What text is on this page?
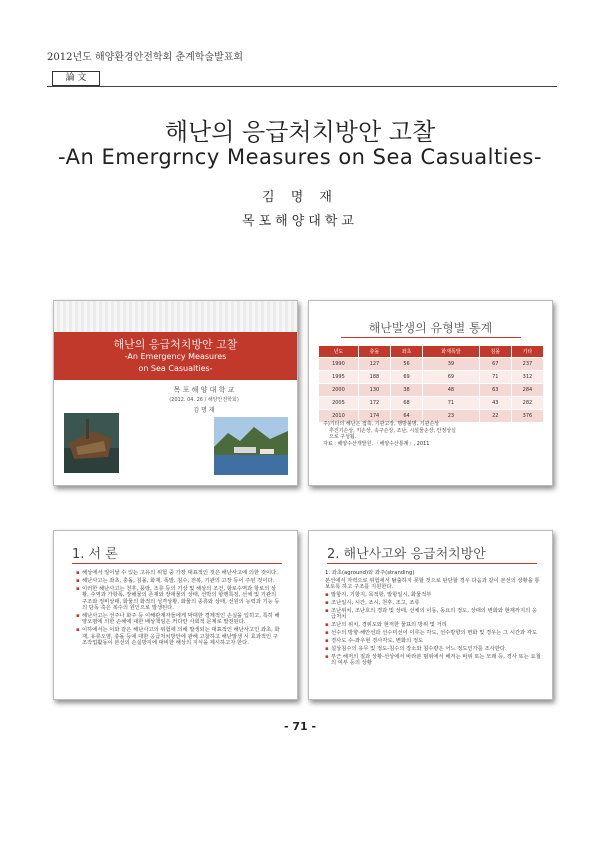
2012년도 해양환경안전학회 춘계학술발표회
論 文
해난의 응급처치방안 고찰
-An Emergrncy Measures on Sea Casualties-
김 명 재
목포해양대학교
해난의 응급처치방안 고찰
-An Emergency Measures
on Sea Casualties-
목 포 해 양 대 학 교
(2012. 04. 26 / 해양안전학회)
김 명 재
해난발생의 유형별 통계
년도	충돌	좌초	화재폭발	침몰	기타
1990	127	56	39	67	237
1995	188	69	69	71	312
2000	130	38	48	63	284
2005	172	68	71	43	282
2010	174	64	23	22	376
주)기타의 해난은 접촉, 기관고장, 행방불명, 기관손상
추진기손상, 키손상, 속구손상, 조난, 시설물손상, 안정상실
으로 구성됨.
자료 : 해양수산개발원, 「해양수산통계」, 2011
1. 서 론
▪ 해상에서 일어날 수 있는 고유의 위험 중 가장 대표적인 것은 해난사고에 의한 것이다.
▪ 해난사고는 좌초, 충돌, 침몰, 화재, 폭발, 침수, 전복, 기관의 고장 등이 주된 것이다.
▪ 이러한 해난사고는 천후, 풍랑, 조류 등의 기상 및 해상의 조건, 항로수역과 항로의 상황, 수역과 가항폭, 장해물의 존재와 장애물의 상태, 선박의 항행특징, 선체 및 기관의 구조와 정비상태, 화물의 화적의 성격상황, 화물의 종류와 상태, 선원의 능력과 기능 등의 단독 혹은 복수의 원인으로 발생된다.
▪ 해난사고는 선주나 화주 등 이해관계자들에게 막대한 경제적인 손실을 입히고, 특히 해양오염에 의한 손해에 대한 배상책임은 커다란 사회적 문제로 발전된다.
▪ 이하에서는 이와 같은 해난사고의 위험에 의해 발생되는 대표적인 해난사고인 좌초, 화재, 유류오염, 충돌 등에 대한 응급처치방안에 관해 고찰하고 해난발생 시 효과적인 구조작업활동이 본선의 손실방지에 대비한 해상의 지식을 제시하고자 한다.
2. 해난사고와 응급처치방안
1. 좌초(aground)와 좌주(stranding)
본선에서 자력으로 위험에서 탈출하지 못할 것으로 판단할 경우 다음과 같이 본선의 상황을 통보토록 하고 구조를 지원한다.
▪ 발항지, 기항지, 목적항, 발항일시, 화물적부
▪ 조난일시, 시간, 조시, 천후, 조고, 조류
▪ 조난위치, 조난호의 경과 및 상태, 선체의 이동, 동요의 정도, 상태의 변화와 현재까지의 응급처치
▪ 조난의 위치, 경위도와 현저한 물표의 방위 및 거리
▪ 선수의 방향·해안선과 선수미선이 이루는 각도, 선수방향의 변화 및 경우는 그 시간과 각도
▪ 경사도 수-좌우현 경사각도, 변화의 정도
▪ 설상침수의 유무 및 정도-침수의 장소와 침수량은 어느 정도인가를 조사한다.
▪ 부근 해저의 질과 상황-선상에서 바라본 범위에서 해저는 바위 또는 모래 등, 경사 또는 요철의 여부 등의 상황
- 71 -
